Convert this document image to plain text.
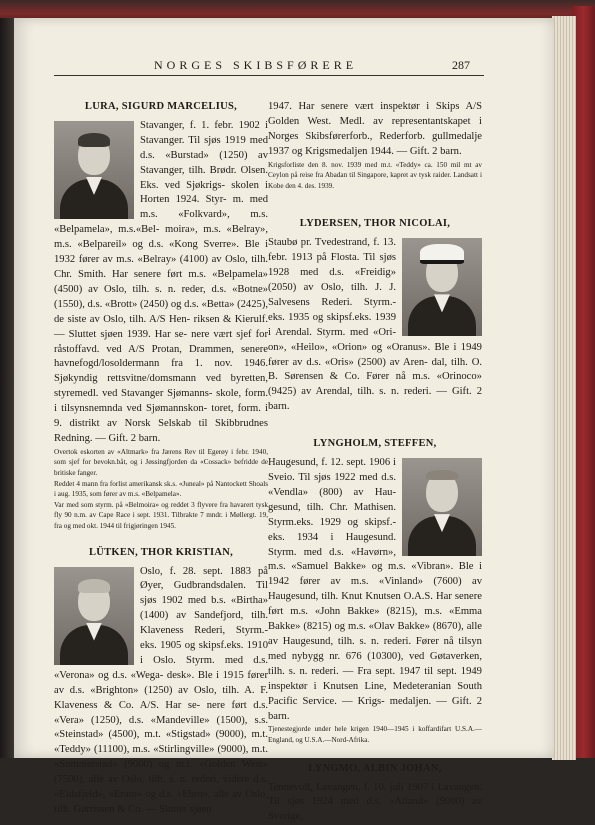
NORGES SKIBSFØRERE	287
LURA, SIGURD MARCELIUS,

Stavanger, f. 1. febr. 1902 i Stavanger. Til sjøs 1919 med d.s. «Burstad» (1250) av Stavanger, tilh. Brødr. Olsen. Eks. ved Sjøkrigs- skolen i Horten 1924. Styr- m. med m.s. «Folkvard», m.s. «Belpamela», m.s.«Bel- moira», m.s. «Belray», m.s. «Belpareil» og d.s. «Kong Sverre». Ble i 1932 fører av m.s. «Belray» (4100) av Oslo, tilh. Chr. Smith. Har senere ført m.s. «Belpamela» (4500) av Oslo, tilh. s. n. reder, d.s. «Botne» (1550), d.s. «Brott» (2450) og d.s. «Betta» (2425), de siste av Oslo, tilh. A/S Hen- riksen & Kierulf. — Sluttet sjøen 1939. Har se- nere vært sjef for råstoffavd. ved A/S Protan, Drammen, senere havnefogd/losoldermann fra 1. nov. 1946. Sjøkyndig rettsvitne/domsmann ved byretten, styremedl. ved Stavanger Sjømanns- skole, form. i tilsynsnemnda ved Sjømannskon- toret, form. i 9. distrikt av Norsk Selskab til Skibbrudnes Redning. — Gift. 2 barn.

Overtok eskorten av «Altmark» fra Jærens Rev til Egerøy i febr. 1940, som sjef for bevokn.båt, og i Jøssingfjorden da «Cossack» befridde de britiske fanger.

Reddet 4 mann fra forlist amerikansk sk.s. «Juneal» på Nantockett Shoals i aug. 1935, som fører av m.s. «Belpamela».

Var med som styrm. på «Belmoira» og reddet 3 flyvere fra havarert tysk fly 90 n.m. av Cape Race i sept. 1931. Tilbrakte 7 mndr. i Møllergt. 19, fra og med okt. 1944 til frigjøringen 1945.

LÜTKEN, THOR KRISTIAN,

Oslo, f. 28. sept. 1883 på Øyer, Gudbrandsdalen. Til sjøs 1902 med b.s. «Birtha» (1400) av Sandefjord, tilh. Klaveness Rederi, Styrm.- eks. 1905 og skipsf.eks. 1910 i Oslo. Styrm. med d.s. «Verona» og d.s. «Wega- desk». Ble i 1915 fører av d.s. «Brighton» (1250) av Oslo, tilh. A. F. Klaveness & Co. A/S. Har se- nere ført d.s. «Vera» (1250), d.s. «Mandeville» (1500), s.s. «Steinstad» (4500), m.t. «Stigstad» (9000), m.t. «Teddy» (11100), m.s. «Stirlingville» (9000), m.t. «Sommerstad» (9000) og m.t. «Golden West» (7500), alle av Oslo, tilh. s. n. rederi, videre d.s. «Eidsfjeld», «Erato» og d.s. «Ebro», alle av Oslo, tilh. Gørrissen & Co. — Sluttet sjøen

1947. Har senere vært inspektør i Skips A/S Golden West. Medl. av representantskapet i Norges Skibsførerforb., Rederforb. gullmedalje 1937 og Krigsmedaljen 1944. — Gift. 2 barn.

Krigsforliste den 8. nov. 1939 med m.t. «Teddy» ca. 150 mil mt av Ceylon på reise fra Abadan til Singapore, kapret av tysk raider. Landsatt i Kobe den 4. des. 1939.

LYDERSEN, THOR NICOLAI,

Staubø pr. Tvedestrand, f. 13. febr. 1913 på Flosta. Til sjøs 1928 med d.s. «Freidig» (2050) av Oslo, tilh. J. J. Salvesens Rederi. Styrm.- eks. 1935 og skipsf.eks. 1939 i Arendal. Styrm. med «Ori- on», «Heilo», «Orion» og «Oranus». Ble i 1949 fører av d.s. «Oris» (2500) av Aren- dal, tilh. O. B. Sørensen & Co. Fører nå m.s. «Orinoco» (9425) av Arendal, tilh. s. n. rederi. — Gift. 2 barn.

LYNGHOLM, STEFFEN,

Haugesund, f. 12. sept. 1906 i Sveio. Til sjøs 1922 med d.s. «Vendla» (800) av Hau- gesund, tilh. Chr. Mathisen. Styrm.eks. 1929 og skipsf.- eks. 1934 i Haugesund. Styrm. med d.s. «Havørn», m.s. «Samuel Bakke» og m.s. «Vibran». Ble i 1942 fører av m.s. «Vinland» (7600) av Haugesund, tilh. Knut Knutsen O.A.S. Har senere ført m.s. «John Bakke» (8215), m.s. «Emma Bakke» (8215) og m.s. «Olav Bakke» (8670), alle av Haugesund, tilh. s. n. rederi. Fører nå tilsyn med nybygg nr. 676 (10300), ved Gøtaverken, tilh. s. n. rederi. — Fra sept. 1947 til sept. 1949 inspektør i Knutsen Line, Medeteranian South Pacific Service. — Krigs- medaljen. — Gift. 2 barn.

Tjenestegjorde under hele krigen 1940—1945 i koffardifart U.S.A.—England, og U.S.A.—Nord-Afrika.

LYNGMO, ALBIN JOHAN,

Tennevoll, Lavangen, f. 10. juli 1907 i Lavangen. Til sjøs 1924 med d.s. «Atland» (9000) av Sverige,
